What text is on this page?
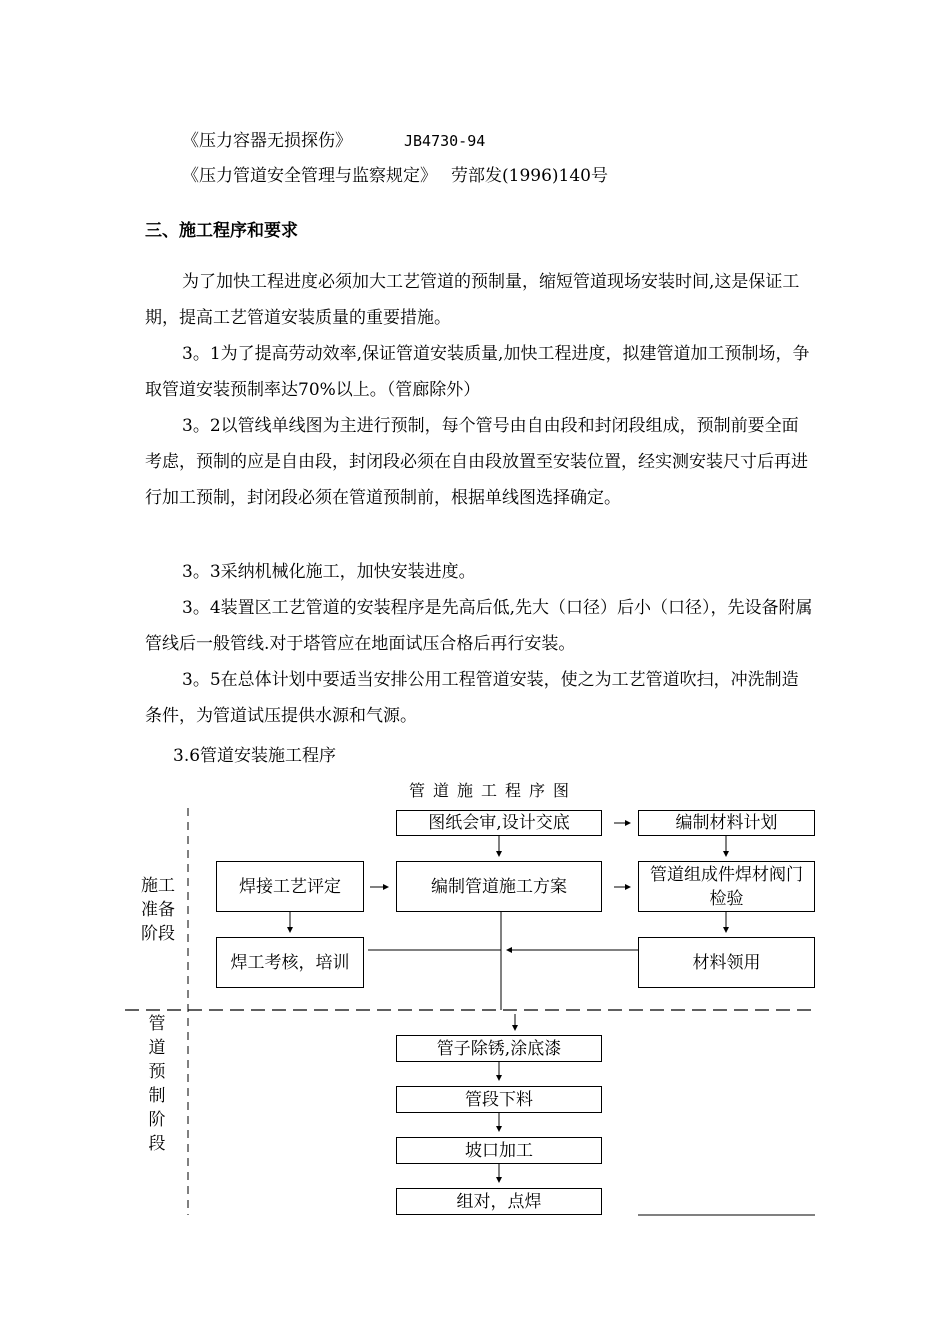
《压力容器无损探伤》	JB4730-94
《压力管道安全管理与监察规定》 劳部发(1996)140号
三、施工程序和要求
为了加快工程进度必须加大工艺管道的预制量，缩短管道现场安装时间,这是保证工期，提高工艺管道安装质量的重要措施。
3。1为了提高劳动效率,保证管道安装质量,加快工程进度，拟建管道加工预制场，争取管道安装预制率达70%以上。（管廊除外）
3。2以管线单线图为主进行预制，每个管号由自由段和封闭段组成，预制前要全面考虑，预制的应是自由段，封闭段必须在自由段放置至安装位置，经实测安装尺寸后再进行加工预制，封闭段必须在管道预制前，根据单线图选择确定。
3。3采纳机械化施工，加快安装进度。
3。4装置区工艺管道的安装程序是先高后低,先大（口径）后小（口径），先设备附属管线后一般管线.对于塔管应在地面试压合格后再行安装。
3。5在总体计划中要适当安排公用工程管道安装，使之为工艺管道吹扫，冲洗制造条件，为管道试压提供水源和气源。
3.6管道安装施工程序
管道施工程序图
施工准备阶段
管道预制阶段
图纸会审,设计交底	编制材料计划
焊接工艺评定	编制管道施工方案
管道组成件焊材阀门检验
焊工考核，培训	材料领用
管子除锈,涂底漆
管段下料
坡口加工
组对，点焊
